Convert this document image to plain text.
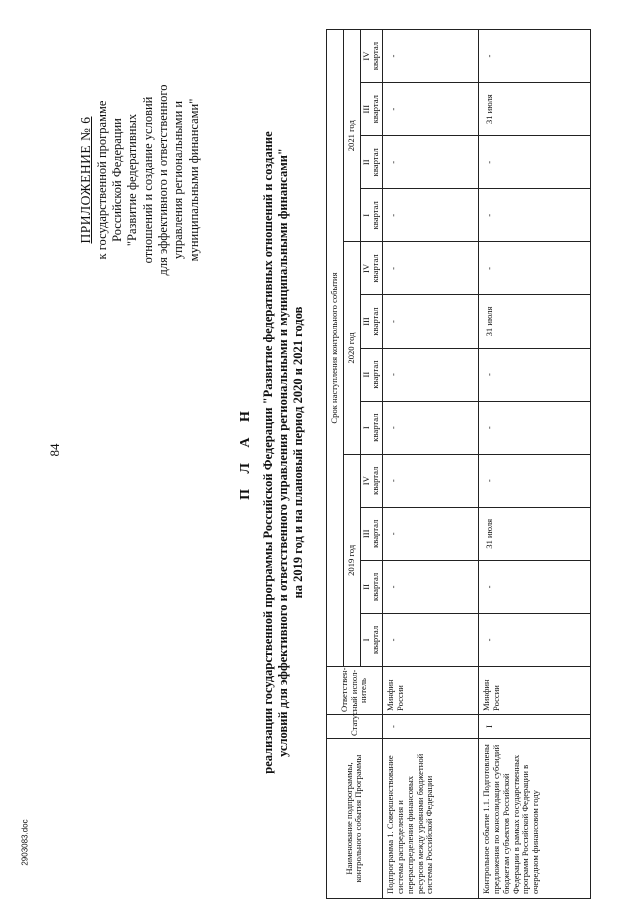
84
2903083.doc
ПРИЛОЖЕНИЕ № 6 к государственной программе Российской Федерации "Развитие федеративных отношений и создание условий для эффективного и ответственного управления региональными и муниципальными финансами"
П Л А Н реализации государственной программы Российской Федерации "Развитие федеративных отношений и создание условий для эффективного и ответственного управления региональными и муниципальными финансами" на 2019 год и на плановый период 2020 и 2021 годов
Наименование подпрограммы, контрольного события Программы	Статус	Ответствен-ный испол-нитель	Срок наступления контрольного события											
			2019 год				2020 год				2021 год			

			I квартал	II квартал	III квартал	IV квартал	I квартал	II квартал	III квартал	IV квартал	I квартал	II квартал	III квартал	IV квартал

Подпрограмма 1. Совершенствование системы распределения и перераспределения финансовых ресурсов между уровнями бюджетной системы Российской Федерации	-	Минфин России	-	-	-	-	-	-	-	-	-	-	-	-
Контрольное событие 1.1. Подготовлены предложения по консолидации субсидий бюджетам субъектов Российской Федерации в рамках государственных программ Российской Федерации в очередном финансовом году	I	Минфин России	-	-	31 июля	-	-	-	31 июля	-	-	-	31 июля	-
